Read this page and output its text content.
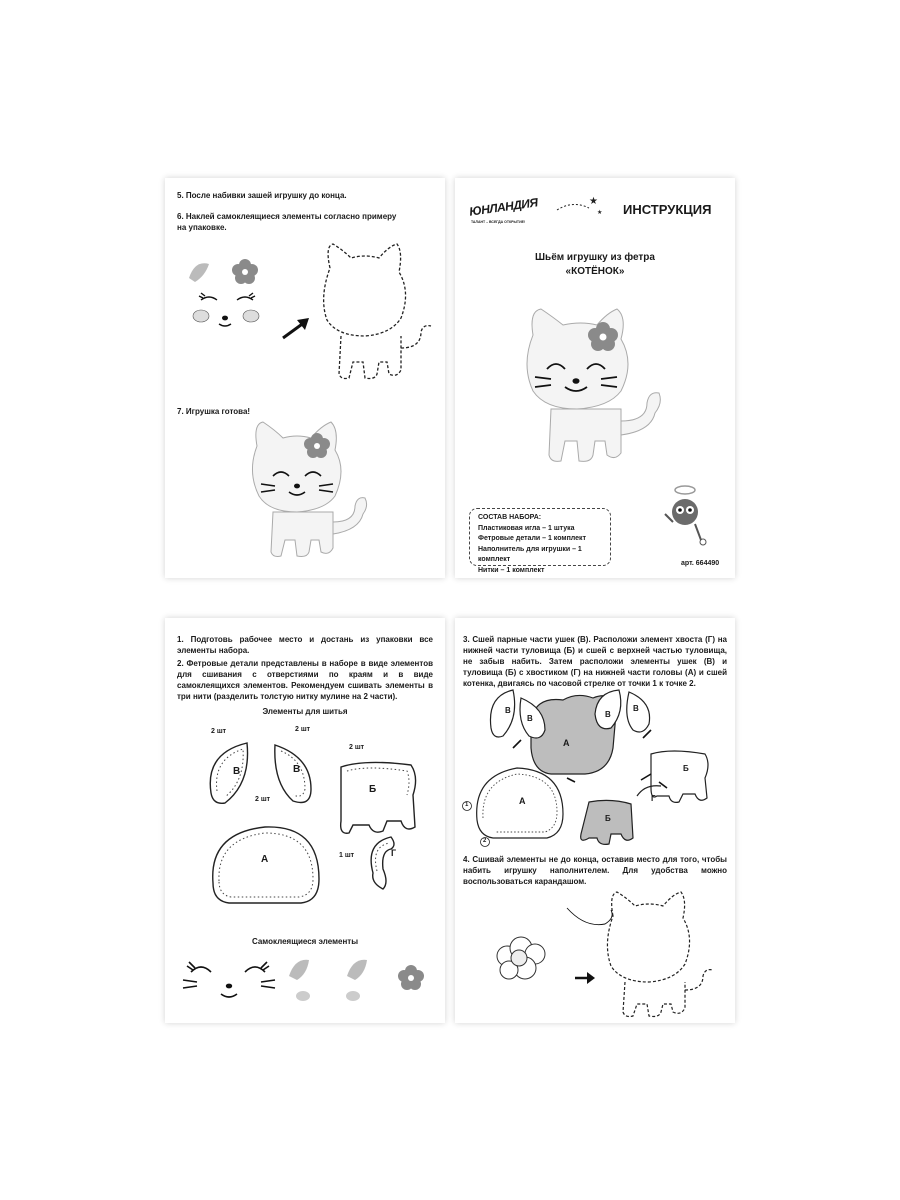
5. После набивки зашей игрушку до конца.
6. Наклей самоклеящиеся элементы согласно примеру на упаковке.
7. Игрушка готова!
ЮНЛАНДИЯ
ТАЛАНТ – ВСЕГДА ОТКРЫТИЕ!
★
★ ИНСТРУКЦИЯ
Шьём игрушку из фетра
«КОТЁНОК»
СОСТАВ НАБОРА:
Пластиковая игла – 1 штука
Фетровые детали – 1 комплект
Наполнитель для игрушки – 1 комплект
Нитки – 1 комплект
арт. 664490
1. Подготовь рабочее место и достань из упаковки все элементы набора.
2. Фетровые детали представлены в наборе в виде элементов для сшивания с отверстиями по краям и в виде самоклеящихся элементов. Рекомендуем сшивать элементы в три нити (разделить толстую нитку мулине на 2 части).
Элементы для шитья
2 шт	2 шт
2 шт
2 шт
1 шт
В	В
Б
А
Г
Самоклеящиеся элементы
3. Сшей парные части ушек (В). Расположи элемент хвоста (Г) на нижней части туловища (Б) и сшей с верхней частью туловища, не забыв набить. Затем расположи элементы ушек (В) и туловища (Б) с хвостиком (Г) на нижней части головы (А) и сшей котенка, двигаясь по часовой стрелке от точки 1 к точке 2.
1
2
А
А
В
В	В
В
Б
Б
Г
4. Сшивай элементы не до конца, оставив место для того, чтобы набить игрушку наполнителем. Для удобства можно воспользоваться карандашом.
